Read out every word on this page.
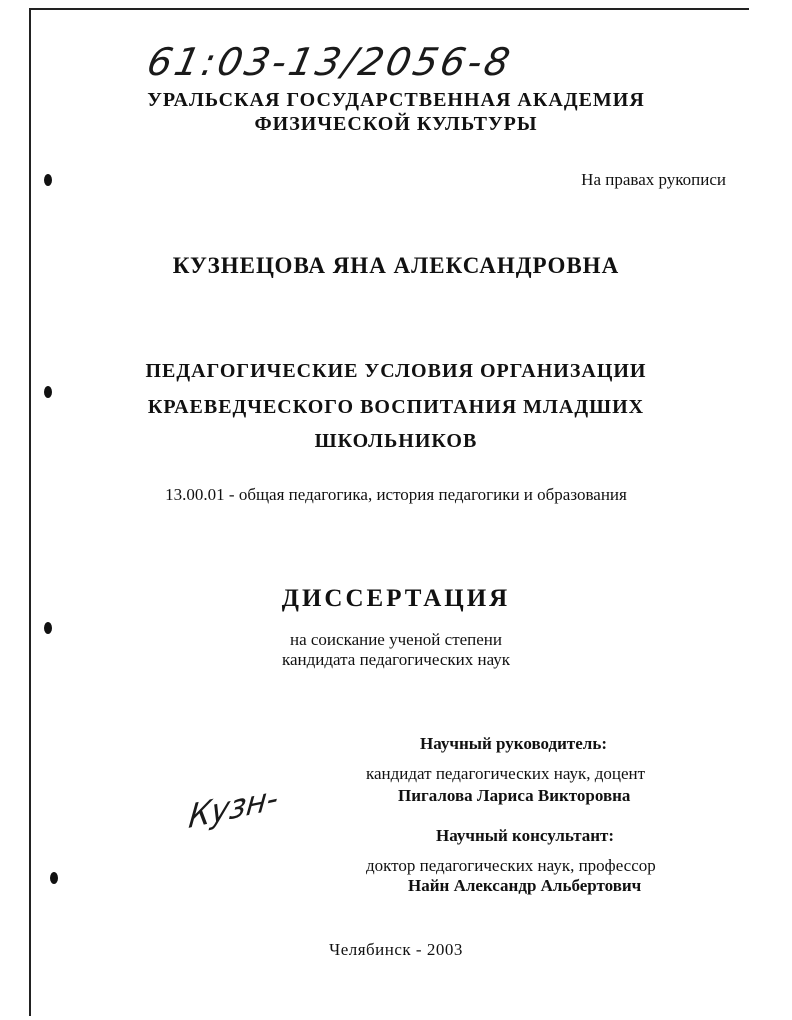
61:03-13/2056-8
УРАЛЬСКАЯ ГОСУДАРСТВЕННАЯ АКАДЕМИЯ
ФИЗИЧЕСКОЙ КУЛЬТУРЫ
На правах рукописи
КУЗНЕЦОВА ЯНА АЛЕКСАНДРОВНА
ПЕДАГОГИЧЕСКИЕ УСЛОВИЯ ОРГАНИЗАЦИИ
КРАЕВЕДЧЕСКОГО ВОСПИТАНИЯ МЛАДШИХ
ШКОЛЬНИКОВ
13.00.01 - общая педагогика, история педагогики и образования
ДИССЕРТАЦИЯ
на соискание ученой степени
кандидата педагогических наук
Научный руководитель:
кандидат педагогических наук, доцент
Пигалова Лариса Викторовна
Кузн-	Научный консультант:
доктор педагогических наук, профессор
Найн Александр Альбертович
Челябинск - 2003
